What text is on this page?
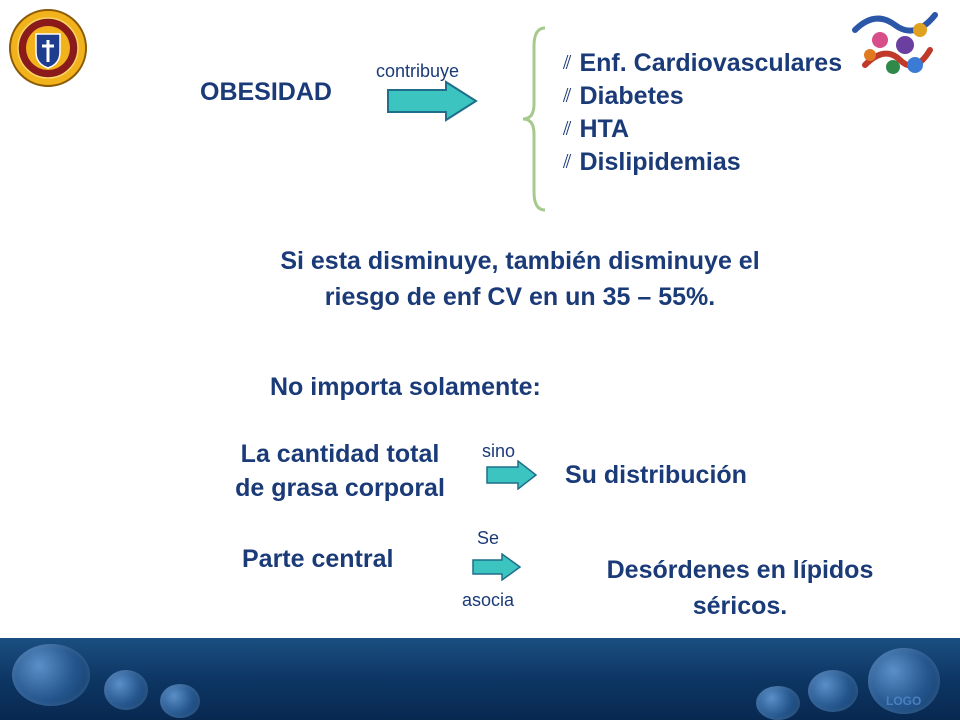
OBESIDAD
contribuye	⫽ Enf. Cardiovasculares
⫽ Diabetes
⫽ HTA
⫽ Dislipidemias
Si esta disminuye, también disminuye el
riesgo de enf CV en un 35 – 55%.
No importa solamente:
La cantidad total
de grasa corporal
sino
Su distribución
Parte central
Se
asocia
Desórdenes en lípidos
séricos.
LOGO
